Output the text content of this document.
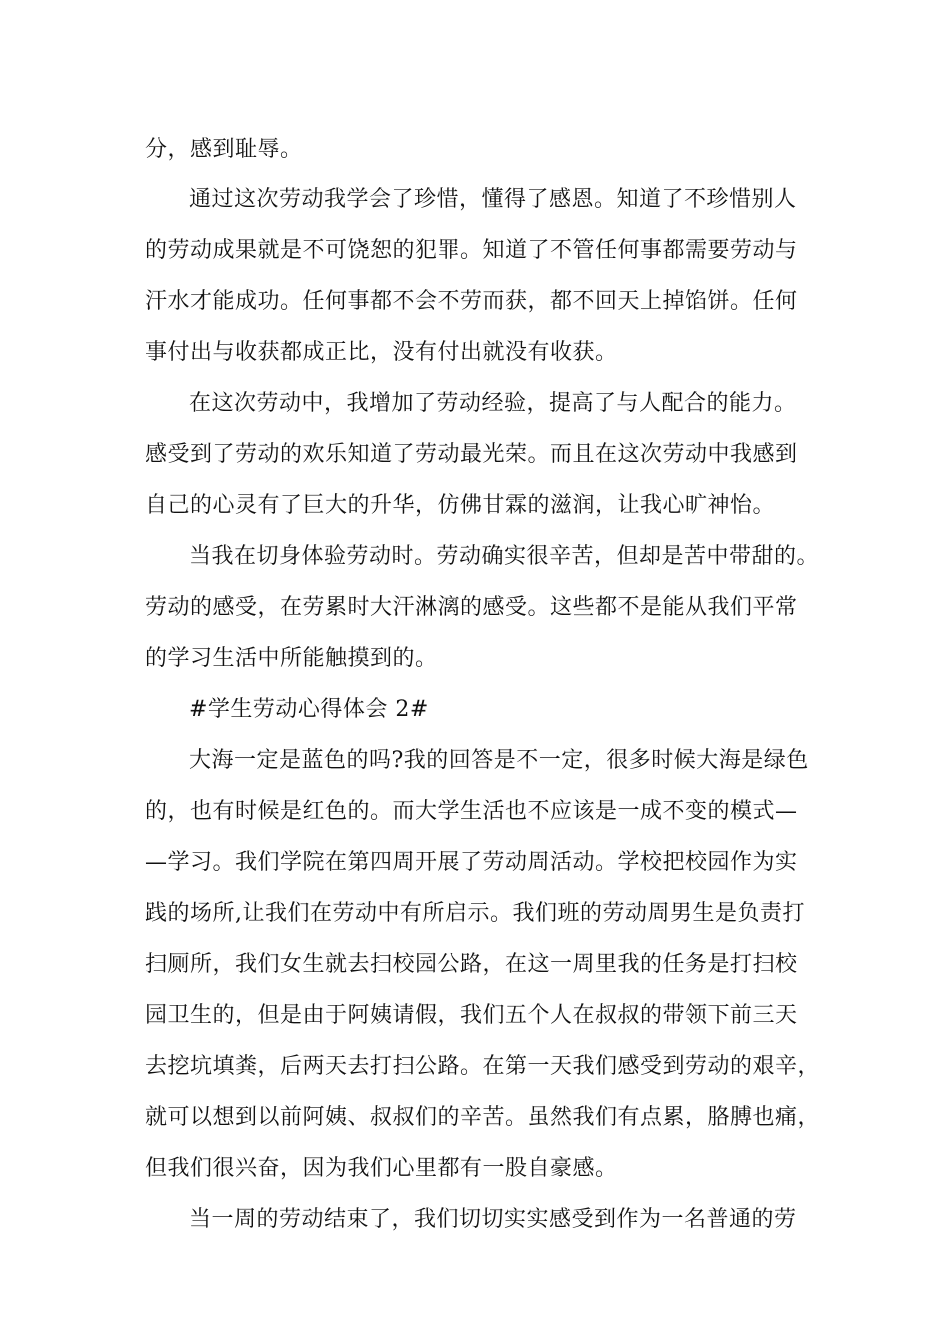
分，感到耻辱。
通过这次劳动我学会了珍惜，懂得了感恩。知道了不珍惜别人
的劳动成果就是不可饶恕的犯罪。知道了不管任何事都需要劳动与
汗水才能成功。任何事都不会不劳而获，都不回天上掉馅饼。任何
事付出与收获都成正比，没有付出就没有收获。
在这次劳动中，我增加了劳动经验，提高了与人配合的能力。
感受到了劳动的欢乐知道了劳动最光荣。而且在这次劳动中我感到
自己的心灵有了巨大的升华，仿佛甘霖的滋润，让我心旷神怡。
当我在切身体验劳动时。劳动确实很辛苦，但却是苦中带甜的。
劳动的感受，在劳累时大汗淋漓的感受。这些都不是能从我们平常
的学习生活中所能触摸到的。
#学生劳动心得体会 2#
大海一定是蓝色的吗?我的回答是不一定，很多时候大海是绿色
的，也有时候是红色的。而大学生活也不应该是一成不变的模式—
—学习。我们学院在第四周开展了劳动周活动。学校把校园作为实
践的场所,让我们在劳动中有所启示。我们班的劳动周男生是负责打
扫厕所，我们女生就去扫校园公路，在这一周里我的任务是打扫校
园卫生的，但是由于阿姨请假，我们五个人在叔叔的带领下前三天
去挖坑填粪，后两天去打扫公路。在第一天我们感受到劳动的艰辛，
就可以想到以前阿姨、叔叔们的辛苦。虽然我们有点累，胳膊也痛，
但我们很兴奋，因为我们心里都有一股自豪感。
当一周的劳动结束了，我们切切实实感受到作为一名普通的劳
